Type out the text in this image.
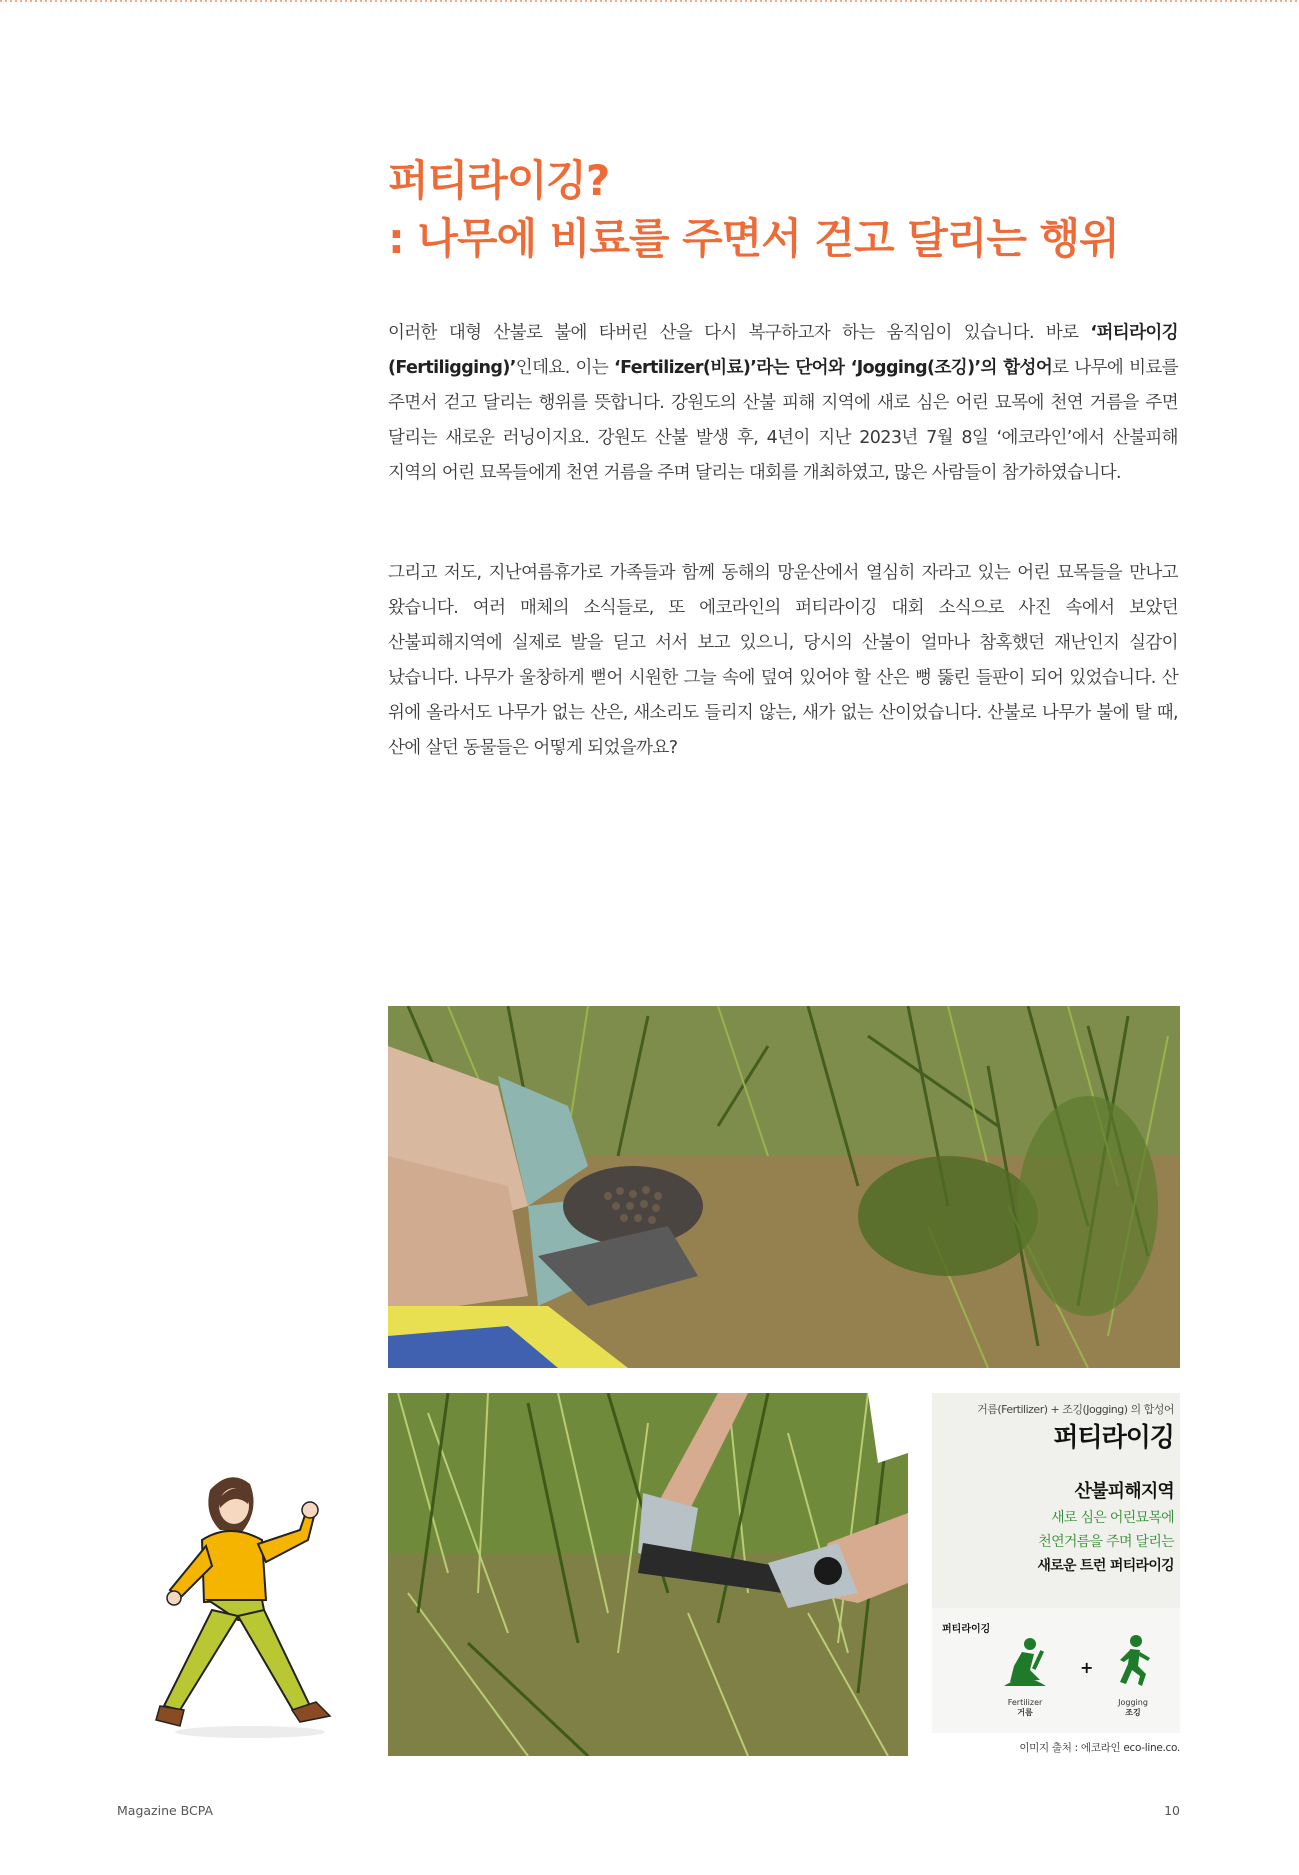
퍼티라이깅?
: 나무에 비료를 주면서 걷고 달리는 행위
이러한 대형 산불로 불에 타버린 산을 다시 복구하고자 하는 움직임이 있습니다. 바로 ‘퍼티라이깅(Fertiligging)’인데요. 이는 ‘Fertilizer(비료)’라는 단어와 ‘Jogging(조깅)’의 합성어로 나무에 비료를 주면서 걷고 달리는 행위를 뜻합니다. 강원도의 산불 피해 지역에 새로 심은 어린 묘목에 천연 거름을 주면 달리는 새로운 러닝이지요. 강원도 산불 발생 후, 4년이 지난 2023년 7월 8일 ‘에코라인’에서 산불피해 지역의 어린 묘목들에게 천연 거름을 주며 달리는 대회를 개최하였고, 많은 사람들이 참가하였습니다.
그리고 저도, 지난여름휴가로 가족들과 함께 동해의 망운산에서 열심히 자라고 있는 어린 묘목들을 만나고 왔습니다. 여러 매체의 소식들로, 또 에코라인의 퍼티라이깅 대회 소식으로 사진 속에서 보았던 산불피해지역에 실제로 발을 딛고 서서 보고 있으니, 당시의 산불이 얼마나 참혹했던 재난인지 실감이 났습니다. 나무가 울창하게 뻗어 시원한 그늘 속에 덮여 있어야 할 산은 뻥 뚫린 들판이 되어 있었습니다. 산 위에 올라서도 나무가 없는 산은, 새소리도 들리지 않는, 새가 없는 산이었습니다. 산불로 나무가 불에 탈 때, 산에 살던 동물들은 어떻게 되었을까요?
거름(Fertilizer) + 조깅(Jogging) 의 합성어
퍼티라이깅
산불피해지역
새로 심은 어린묘목에
천연거름을 주며 달리는
새로운 트런 퍼티라이깅
퍼티라이깅
+
Fertilizer
거름
Jogging
조깅
이미지 출처 : 에코라인 eco-line.co.
Magazine BCPA	10
